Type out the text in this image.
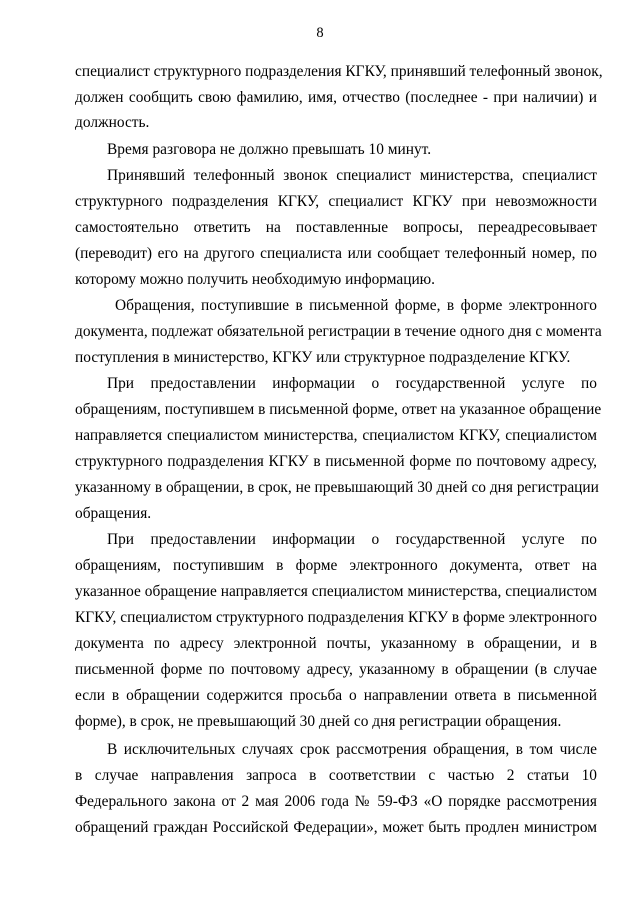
8
специалист структурного подразделения КГКУ, принявший телефонный звонок,
должен сообщить свою фамилию, имя, отчество (последнее - при наличии) и
должность.
Время разговора не должно превышать 10 минут.
Принявший телефонный звонок специалист министерства, специалист
структурного подразделения КГКУ, специалист КГКУ при невозможности
самостоятельно ответить на поставленные вопросы, переадресовывает
(переводит) его на другого специалиста или сообщает телефонный номер, по
которому можно получить необходимую информацию.
Обращения, поступившие в письменной форме, в форме электронного
документа, подлежат обязательной регистрации в течение одного дня с момента
поступления в министерство, КГКУ или структурное подразделение КГКУ.
При предоставлении информации о государственной услуге по
обращениям, поступившем в письменной форме, ответ на указанное обращение
направляется специалистом министерства, специалистом КГКУ, специалистом
структурного подразделения КГКУ в письменной форме по почтовому адресу,
указанному в обращении, в срок, не превышающий 30 дней со дня регистрации
обращения.
При предоставлении информации о государственной услуге по
обращениям, поступившим в форме электронного документа, ответ на
указанное обращение направляется специалистом министерства, специалистом
КГКУ, специалистом структурного подразделения КГКУ в форме электронного
документа по адресу электронной почты, указанному в обращении, и в
письменной форме по почтовому адресу, указанному в обращении (в случае
если в обращении содержится просьба о направлении ответа в письменной
форме), в срок, не превышающий 30 дней со дня регистрации обращения.
В исключительных случаях срок рассмотрения обращения, в том числе
в случае направления запроса в соответствии с частью 2 статьи 10
Федерального закона от 2 мая 2006 года № 59-ФЗ «О порядке рассмотрения
обращений граждан Российской Федерации», может быть продлен министром
